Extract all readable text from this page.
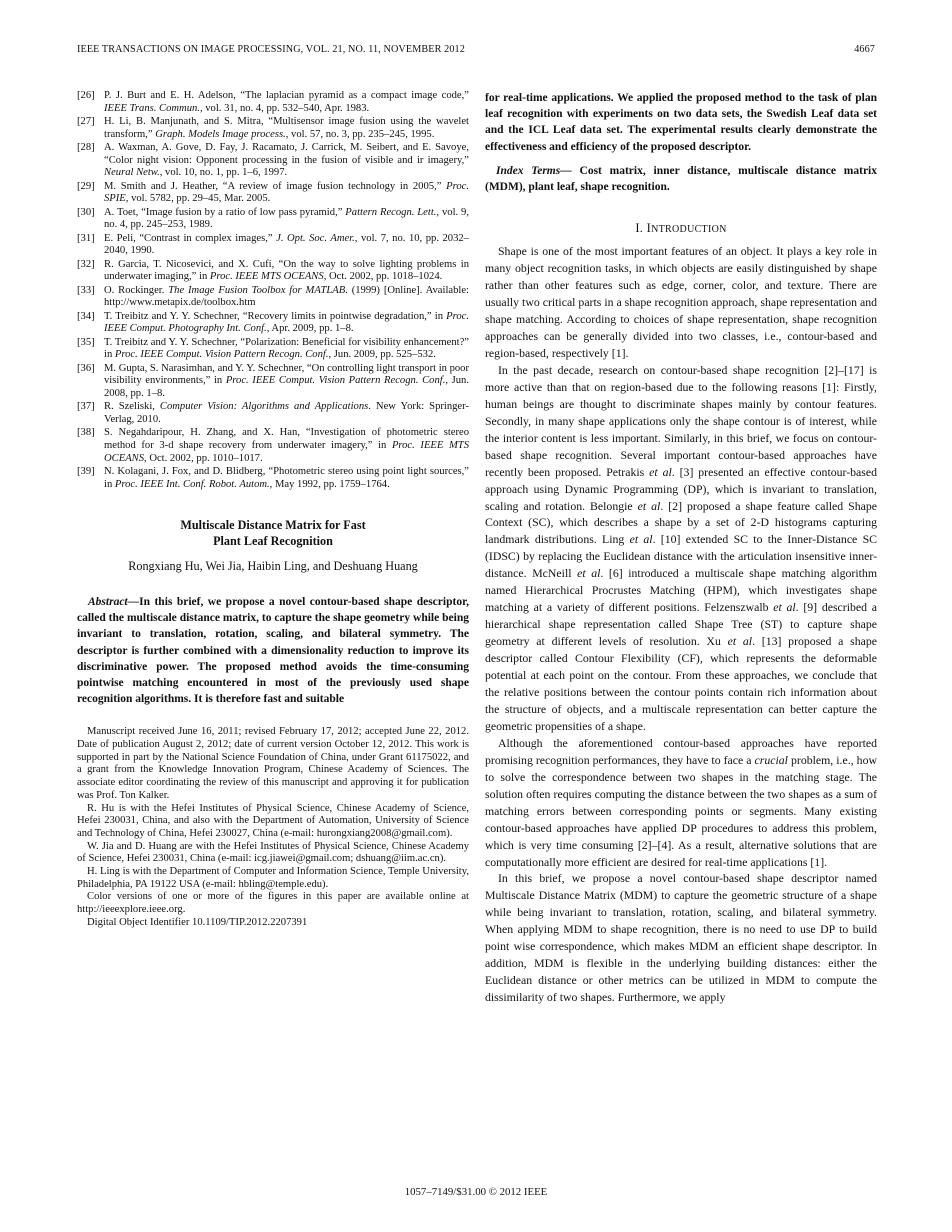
IEEE TRANSACTIONS ON IMAGE PROCESSING, VOL. 21, NO. 11, NOVEMBER 2012	4667
[26] P. J. Burt and E. H. Adelson, “The laplacian pyramid as a compact image code,” IEEE Trans. Commun., vol. 31, no. 4, pp. 532–540, Apr. 1983.
[27] H. Li, B. Manjunath, and S. Mitra, “Multisensor image fusion using the wavelet transform,” Graph. Models Image process., vol. 57, no. 3, pp. 235–245, 1995.
[28] A. Waxman, A. Gove, D. Fay, J. Racamato, J. Carrick, M. Seibert, and E. Savoye, “Color night vision: Opponent processing in the fusion of visible and ir imagery,” Neural Netw., vol. 10, no. 1, pp. 1–6, 1997.
[29] M. Smith and J. Heather, “A review of image fusion technology in 2005,” Proc. SPIE, vol. 5782, pp. 29–45, Mar. 2005.
[30] A. Toet, “Image fusion by a ratio of low pass pyramid,” Pattern Recogn. Lett., vol. 9, no. 4, pp. 245–253, 1989.
[31] E. Peli, “Contrast in complex images,” J. Opt. Soc. Amer., vol. 7, no. 10, pp. 2032–2040, 1990.
[32] R. Garcia, T. Nicosevici, and X. Cufí, “On the way to solve lighting problems in underwater imaging,” in Proc. IEEE MTS OCEANS, Oct. 2002, pp. 1018–1024.
[33] O. Rockinger. The Image Fusion Toolbox for MATLAB. (1999) [Online]. Available: http://www.metapix.de/toolbox.htm
[34] T. Treibitz and Y. Y. Schechner, “Recovery limits in pointwise degradation,” in Proc. IEEE Comput. Photography Int. Conf., Apr. 2009, pp. 1–8.
[35] T. Treibitz and Y. Y. Schechner, “Polarization: Beneficial for visibility enhancement?” in Proc. IEEE Comput. Vision Pattern Recogn. Conf., Jun. 2009, pp. 525–532.
[36] M. Gupta, S. Narasimhan, and Y. Y. Schechner, “On controlling light transport in poor visibility environments,” in Proc. IEEE Comput. Vision Pattern Recogn. Conf., Jun. 2008, pp. 1–8.
[37] R. Szeliski, Computer Vision: Algorithms and Applications. New York: Springer-Verlag, 2010.
[38] S. Negahdaripour, H. Zhang, and X. Han, “Investigation of photometric stereo method for 3-d shape recovery from underwater imagery,” in Proc. IEEE MTS OCEANS, Oct. 2002, pp. 1010–1017.
[39] N. Kolagani, J. Fox, and D. Blidberg, “Photometric stereo using point light sources,” in Proc. IEEE Int. Conf. Robot. Autom., May 1992, pp. 1759–1764.
Multiscale Distance Matrix for Fast
Plant Leaf Recognition
Rongxiang Hu, Wei Jia, Haibin Ling, and Deshuang Huang

Abstract—In this brief, we propose a novel contour-based shape descriptor, called the multiscale distance matrix, to capture the shape geometry while being invariant to translation, rotation, scaling, and bilateral symmetry. The descriptor is further combined with a dimensionality reduction to improve its discriminative power. The proposed method avoids the time-consuming pointwise matching encountered in most of the previously used shape recognition algorithms. It is therefore fast and suitable

Manuscript received June 16, 2011; revised February 17, 2012; accepted June 22, 2012. Date of publication August 2, 2012; date of current version October 12, 2012. This work is supported in part by the National Science Foundation of China, under Grant 61175022, and a grant from the Knowledge Innovation Program, Chinese Academy of Sciences. The associate editor coordinating the review of this manuscript and approving it for publication was Prof. Ton Kalker.

R. Hu is with the Hefei Institutes of Physical Science, Chinese Academy of Science, Hefei 230031, China, and also with the Department of Automation, University of Science and Technology of China, Hefei 230027, China (e-mail: hurongxiang2008@gmail.com).

W. Jia and D. Huang are with the Hefei Institutes of Physical Science, Chinese Academy of Science, Hefei 230031, China (e-mail: icg.jiawei@gmail.com; dshuang@iim.ac.cn).

H. Ling is with the Department of Computer and Information Science, Temple University, Philadelphia, PA 19122 USA (e-mail: hbling@temple.edu).

Color versions of one or more of the figures in this paper are available online at http://ieeexplore.ieee.org.

Digital Object Identifier 10.1109/TIP.2012.2207391

for real-time applications. We applied the proposed method to the task of plan leaf recognition with experiments on two data sets, the Swedish Leaf data set and the ICL Leaf data set. The experimental results clearly demonstrate the effectiveness and efficiency of the proposed descriptor.

Index Terms— Cost matrix, inner distance, multiscale distance matrix (MDM), plant leaf, shape recognition.

I. INTRODUCTION

Shape is one of the most important features of an object. It plays a key role in many object recognition tasks, in which objects are easily distinguished by shape rather than other features such as edge, corner, color, and texture. There are usually two critical parts in a shape recognition approach, shape representation and shape matching. According to choices of shape representation, shape recognition approaches can be generally divided into two classes, i.e., contour-based and region-based, respectively [1].

In the past decade, research on contour-based shape recognition [2]–[17] is more active than that on region-based due to the following reasons [1]: Firstly, human beings are thought to discriminate shapes mainly by contour features. Secondly, in many shape applications only the shape contour is of interest, while the interior content is less important. Similarly, in this brief, we focus on contour-based shape recognition. Several important contour-based approaches have recently been proposed. Petrakis et al. [3] presented an effective contour-based approach using Dynamic Programming (DP), which is invariant to translation, scaling and rotation. Belongie et al. [2] proposed a shape feature called Shape Context (SC), which describes a shape by a set of 2-D histograms capturing landmark distributions. Ling et al. [10] extended SC to the Inner-Distance SC (IDSC) by replacing the Euclidean distance with the articulation insensitive inner-distance. McNeill et al. [6] introduced a multiscale shape matching algorithm named Hierarchical Procrustes Matching (HPM), which investigates shape matching at a variety of different positions. Felzenszwalb et al. [9] described a hierarchical shape representation called Shape Tree (ST) to capture shape geometry at different levels of resolution. Xu et al. [13] proposed a shape descriptor called Contour Flexibility (CF), which represents the deformable potential at each point on the contour. From these approaches, we conclude that the relative positions between the contour points contain rich information about the structure of objects, and a multiscale representation can better capture the geometric propensities of a shape.

Although the aforementioned contour-based approaches have reported promising recognition performances, they have to face a crucial problem, i.e., how to solve the correspondence between two shapes in the matching stage. The solution often requires computing the distance between the two shapes as a sum of matching errors between corresponding points or segments. Many existing contour-based approaches have applied DP procedures to address this problem, which is very time consuming [2]–[4]. As a result, alternative solutions that are computationally more efficient are desired for real-time applications [1].

In this brief, we propose a novel contour-based shape descriptor named Multiscale Distance Matrix (MDM) to capture the geometric structure of a shape while being invariant to translation, rotation, scaling, and bilateral symmetry. When applying MDM to shape recognition, there is no need to use DP to build point wise correspondence, which makes MDM an efficient shape descriptor. In addition, MDM is flexible in the underlying building distances: either the Euclidean distance or other metrics can be utilized in MDM to compute the dissimilarity of two shapes. Furthermore, we apply

1057–7149/$31.00 © 2012 IEEE
